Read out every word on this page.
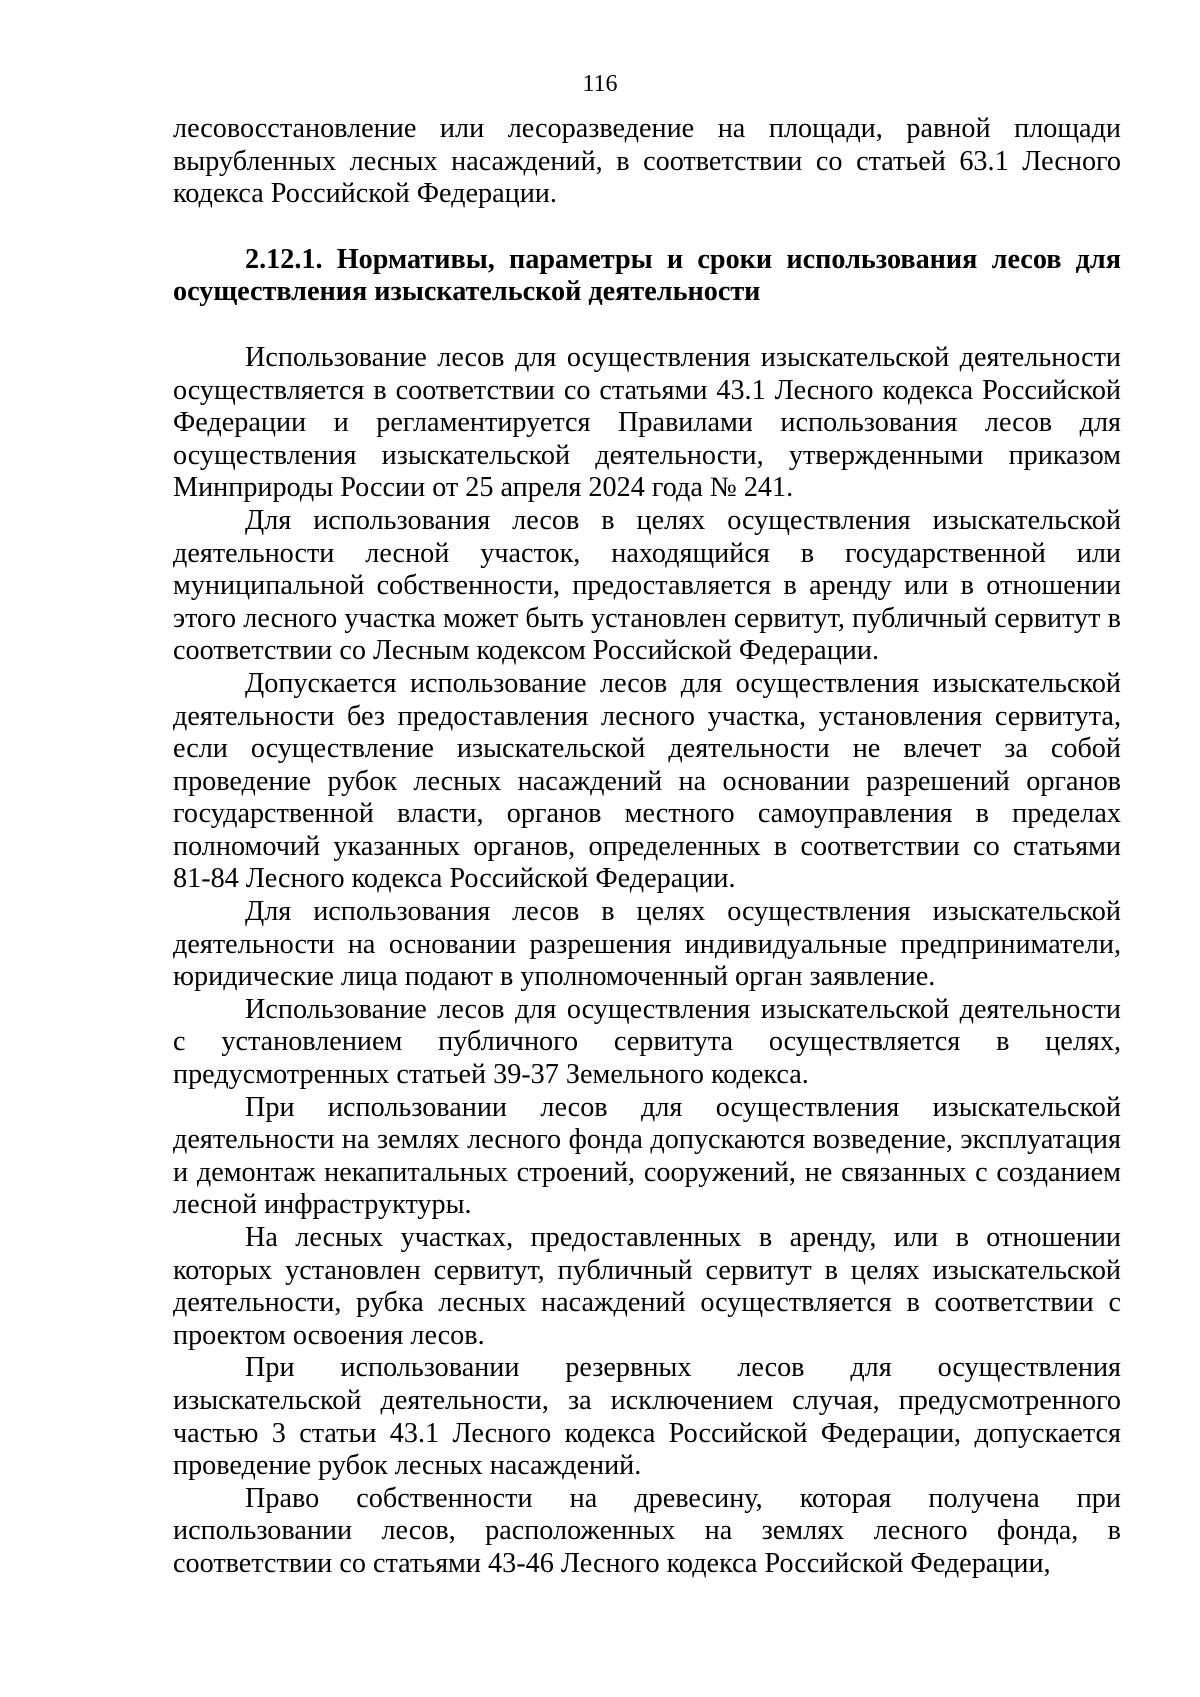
116

лесовосстановление или лесоразведение на площади, равной площади вырубленных лесных насаждений, в соответствии со статьей 63.1 Лесного кодекса Российской Федерации.

2.12.1. Нормативы, параметры и сроки использования лесов для осуществления изыскательской деятельности

Использование лесов для осуществления изыскательской деятельности осуществляется в соответствии со статьями 43.1 Лесного кодекса Российской Федерации и регламентируется Правилами использования лесов для осуществления изыскательской деятельности, утвержденными приказом Минприроды России от 25 апреля 2024 года № 241.

Для использования лесов в целях осуществления изыскательской деятельности лесной участок, находящийся в государственной или муниципальной собственности, предоставляется в аренду или в отношении этого лесного участка может быть установлен сервитут, публичный сервитут в соответствии со Лесным кодексом Российской Федерации.

Допускается использование лесов для осуществления изыскательской деятельности без предоставления лесного участка, установления сервитута, если осуществление изыскательской деятельности не влечет за собой проведение рубок лесных насаждений на основании разрешений органов государственной власти, органов местного самоуправления в пределах полномочий указанных органов, определенных в соответствии со статьями 81-84 Лесного кодекса Российской Федерации.

Для использования лесов в целях осуществления изыскательской деятельности на основании разрешения индивидуальные предприниматели, юридические лица подают в уполномоченный орган заявление.

Использование лесов для осуществления изыскательской деятельности с установлением публичного сервитута осуществляется в целях, предусмотренных статьей 39-37 Земельного кодекса.

При использовании лесов для осуществления изыскательской деятельности на землях лесного фонда допускаются возведение, эксплуатация и демонтаж некапитальных строений, сооружений, не связанных с созданием лесной инфраструктуры.

На лесных участках, предоставленных в аренду, или в отношении которых установлен сервитут, публичный сервитут в целях изыскательской деятельности, рубка лесных насаждений осуществляется в соответствии с проектом освоения лесов.

При использовании резервных лесов для осуществления изыскательской деятельности, за исключением случая, предусмотренного частью 3 статьи 43.1 Лесного кодекса Российской Федерации, допускается проведение рубок лесных насаждений.

Право собственности на древесину, которая получена при использовании лесов, расположенных на землях лесного фонда, в соответствии со статьями 43-46 Лесного кодекса Российской Федерации,
